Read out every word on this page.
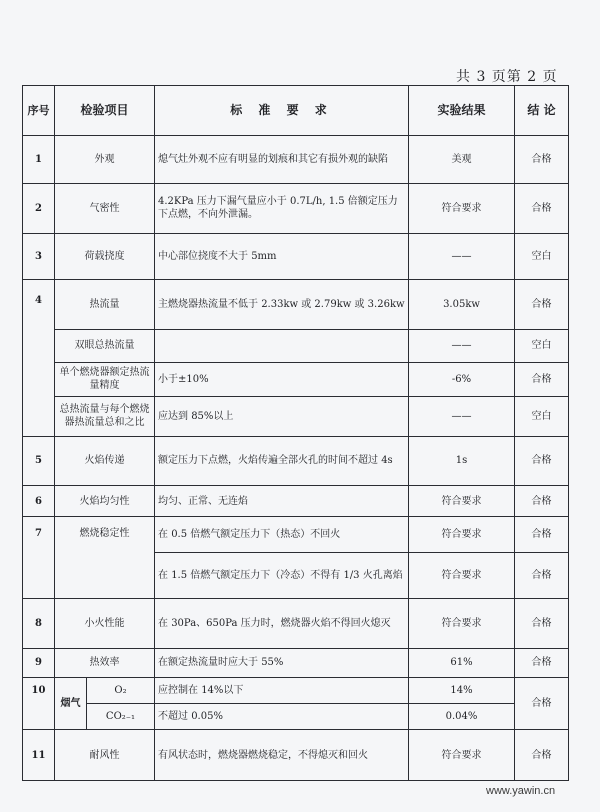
共 3 页第 2 页
序号	检验项目		标 准 要 求	实验结果	结 论
1	外观		熄气灶外观不应有明显的划痕和其它有损外观的缺陷	美观	合格
2	气密性		4.2KPa 压力下漏气量应小于 0.7L/h, 1.5 倍额定压力下点燃，不向外泄漏。	符合要求	合格
3	荷载挠度		中心部位挠度不大于 5mm	——	空白
4	热流量		主燃烧器热流量不低于 2.33kw 或 2.79kw 或 3.26kw	3.05kw	合格
	双眼总热流量			——	空白
	单个燃烧器额定热流量精度		小于±10%	-6%	合格
	总热流量与每个燃烧器热流量总和之比		应达到 85%以上	——	空白
5	火焰传递		额定压力下点燃，火焰传遍全部火孔的时间不超过 4s	1s	合格
6	火焰均匀性		均匀、正常、无连焰	符合要求	合格
7	燃烧稳定性		在 0.5 倍燃气额定压力下（热态）不回火	符合要求	合格
			在 1.5 倍燃气额定压力下（冷态）不得有 1/3 火孔离焰	符合要求	合格
8	小火性能		在 30Pa、650Pa 压力时，燃烧器火焰不得回火熄灭	符合要求	合格
9	热效率		在额定热流量时应大于 55%	61%	合格
10	烟气	O₂	应控制在 14%以下	14%	合格
		CO₂₋₁	不超过 0.05%	0.04%	
11	耐风性		有风状态时，燃烧器燃烧稳定，不得熄灭和回火	符合要求	合格
www.yawin.cn
